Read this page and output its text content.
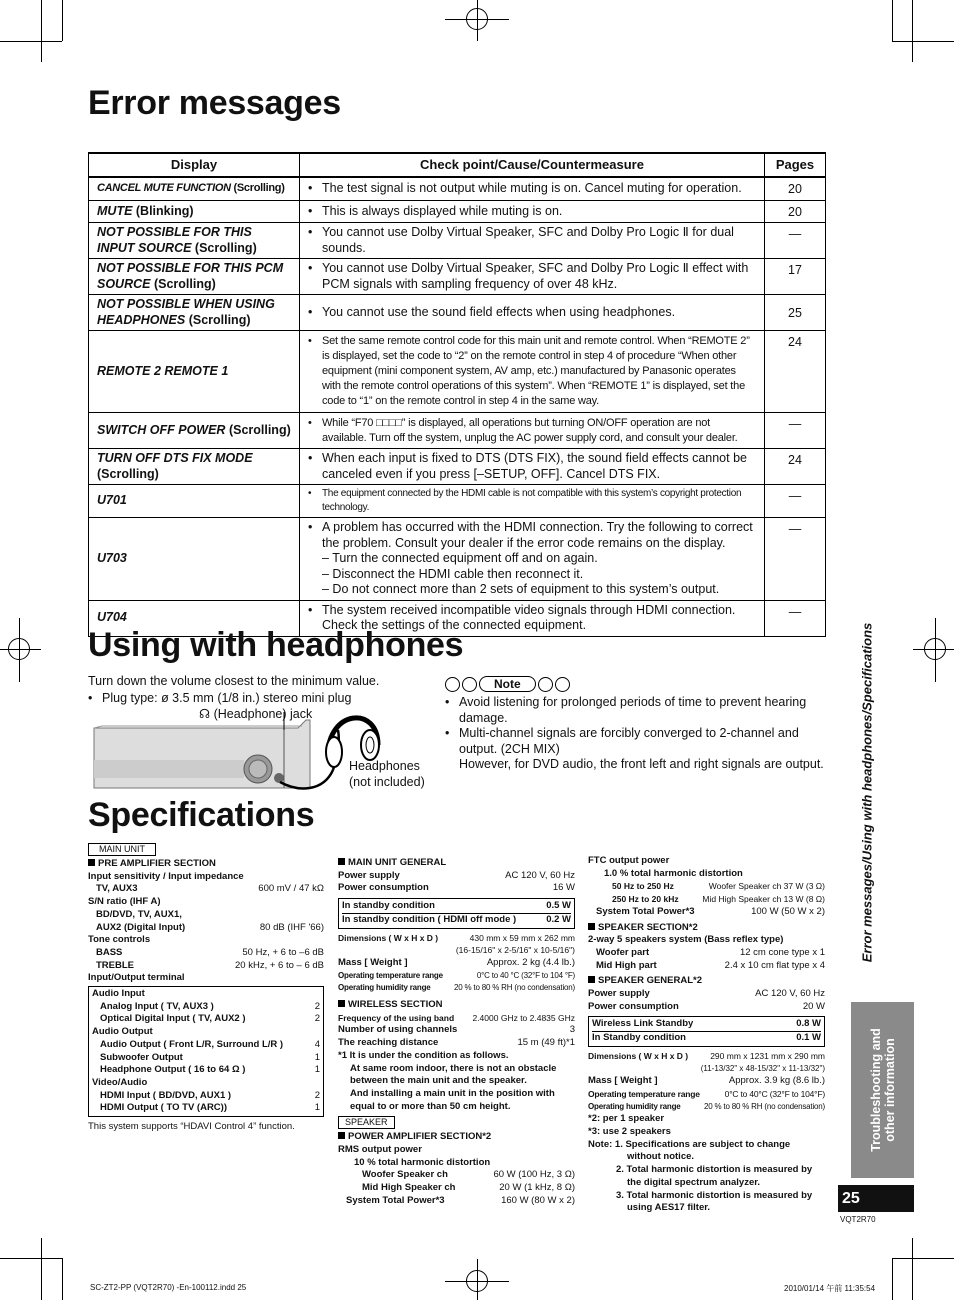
Error messages
Display	Check point/Cause/Countermeasure	Pages
CANCEL MUTE FUNCTION (Scrolling)	• The test signal is not output while muting is on. Cancel muting for operation.	20
MUTE (Blinking)	• This is always displayed while muting is on.	20
NOT POSSIBLE FOR THIS INPUT SOURCE (Scrolling)	• You cannot use Dolby Virtual Speaker, SFC and Dolby Pro Logic Ⅱ for dual sounds.	—
NOT POSSIBLE FOR THIS PCM SOURCE (Scrolling)	• You cannot use Dolby Virtual Speaker, SFC and Dolby Pro Logic Ⅱ effect with PCM signals with sampling frequency of over 48 kHz.	17
NOT POSSIBLE WHEN USING HEADPHONES (Scrolling)	• You cannot use the sound field effects when using headphones.	25
REMOTE 2 REMOTE 1	• Set the same remote control code for this main unit and remote control. When “REMOTE 2” is displayed, set the code to “2” on the remote control in step 4 of procedure “When other equipment (mini component system, AV amp, etc.) manufactured by Panasonic operates with the remote control operations of this system”. When “REMOTE 1” is displayed, set the code to “1” on the remote control in step 4 in the same way.	24
SWITCH OFF POWER (Scrolling)	• While “F70 □□□□” is displayed, all operations but turning ON/OFF operation are not available. Turn off the system, unplug the AC power supply cord, and consult your dealer.	—
TURN OFF DTS FIX MODE (Scrolling)	• When each input is fixed to DTS (DTS FIX), the sound field effects cannot be canceled even if you press [–SETUP, OFF]. Cancel DTS FIX.	24
U701	• The equipment connected by the HDMI cable is not compatible with this system’s copyright protection technology.	—
U703	• A problem has occurred with the HDMI connection. Try the following to correct the problem. Consult your dealer if the error code remains on the display.
– Turn the connected equipment off and on again.
– Disconnect the HDMI cable then reconnect it.
– Do not connect more than 2 sets of equipment to this system’s output.	—
U704	• The system received incompatible video signals through HDMI connection. Check the settings of the connected equipment.	—
Using with headphones
Turn down the volume closest to the minimum value.
• Plug type: ø 3.5 mm (1/8 in.) stereo mini plug
☊ (Headphone) jack
Headphones
(not included)
Note
• Avoid listening for prolonged periods of time to prevent hearing damage.
• Multi-channel signals are forcibly converged to 2-channel and output. (2CH MIX)
However, for DVD audio, the front left and right signals are output.
Specifications
MAIN UNIT
PRE AMPLIFIER SECTION
Input sensitivity / Input impedance
TV, AUX3	600 mV / 47 kΩ
S/N ratio (IHF A)
BD/DVD, TV, AUX1,
AUX2 (Digital Input)	80 dB (IHF '66)
Tone controls
BASS	50 Hz, + 6 to –6 dB
TREBLE	20 kHz, + 6 to – 6 dB
Input/Output terminal
Audio Input
Analog Input ( TV, AUX3 )	2
Optical Digital Input ( TV, AUX2 )	2
Audio Output
Audio Output ( Front L/R, Surround L/R )	4
Subwoofer Output	1
Headphone Output ( 16 to 64 Ω )	1
Video/Audio
HDMI Input ( BD/DVD, AUX1 )	2
HDMI Output ( TO TV (ARC))	1
This system supports “HDAVI Control 4” function.
MAIN UNIT GENERAL
Power supply	AC 120 V, 60 Hz
Power consumption	16 W
In standby condition	0.5 W
In standby condition ( HDMI off mode )	0.2 W
Dimensions ( W x H x D )	430 mm x 59 mm x 262 mm
(16-15/16" x 2-5/16" x 10-5/16")
Mass [ Weight ]	Approx. 2 kg (4.4 lb.)
Operating temperature range	0°C to 40 °C (32°F to 104 °F)
Operating humidity range	20 % to 80 % RH (no condensation)
WIRELESS SECTION
Frequency of the using band 2.4000 GHz to 2.4835 GHz
Number of using channels	3
The reaching distance	15 m (49 ft)*1
*1 It is under the condition as follows.
At same room indoor, there is not an obstacle between the main unit and the speaker.
And installing a main unit in the position with equal to or more than 50 cm height.
SPEAKER
POWER AMPLIFIER SECTION*2
RMS output power
10 % total harmonic distortion
Woofer Speaker ch	60 W (100 Hz, 3 Ω)
Mid High Speaker ch	20 W (1 kHz, 8 Ω)
System Total Power*3	160 W (80 W x 2)
FTC output power
1.0 % total harmonic distortion
50 Hz to 250 Hz	Woofer Speaker ch 37 W (3 Ω)
250 Hz to 20 kHz	Mid High Speaker ch 13 W (8 Ω)
System Total Power*3	100 W (50 W x 2)
SPEAKER SECTION*2
2-way 5 speakers system (Bass reflex type)
Woofer part	12 cm cone type x 1
Mid High part	2.4 x 10 cm flat type x 4
SPEAKER GENERAL*2
Power supply	AC 120 V, 60 Hz
Power consumption	20 W
Wireless Link Standby	0.8 W
In Standby condition	0.1 W
Dimensions ( W x H x D )	290 mm x 1231 mm x 290 mm
(11-13/32" x 48-15/32" x 11-13/32")
Mass [ Weight ]	Approx. 3.9 kg (8.6 lb.)
Operating temperature range	0°C to 40°C (32°F to 104°F)
Operating humidity range	20 % to 80 % RH (no condensation)
*2: per 1 speaker
*3: use 2 speakers
Note: 1. Specifications are subject to change
without notice.
2. Total harmonic distortion is measured by
the digital spectrum analyzer.
3. Total harmonic distortion is measured by
using AES17 filter.
Error messages/Using with headphones/Specifications
Troubleshooting and other information
25
VQT2R70
SC-ZT2-PP (VQT2R70) -En-100112.indd 25	2010/01/14 午前 11:35:54
